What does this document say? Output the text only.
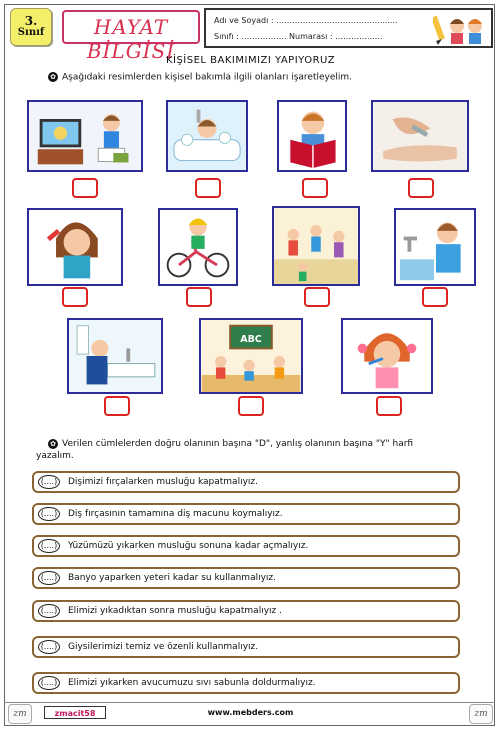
3.
Sınıf	HAYAT BİLGİSİ
Adı ve Soyadı : ………………………………..........
Sınıfı : …………….. Numarası : …………......
KİŞİSEL BAKIMIMIZI YAPIYORUZ
✿ Aşağıdaki resimlerden kişisel bakımla ilgili olanları işaretleyelim.
ABC
✿ Verilen cümlelerden doğru olanının başına "D", yanlış olanının başına "Y" harfi
yazalım.
(....)	Dişimizi fırçalarken musluğu kapatmalıyız.
(....)	Diş fırçasının tamamına diş macunu koymalıyız.
(....)	Yüzümüzü yıkarken musluğu sonuna kadar açmalıyız.
(....)	Banyo yaparken yeteri kadar su kullanmalıyız.
(....)	Elimizi yıkadıktan sonra musluğu kapatmalıyız .
(....)	Giysilerimizi temiz ve özenli kullanmalıyız.
(....)	Elimizi yıkarken avucumuzu sıvı sabunla doldurmalıyız.
zm	zmacit58	www.mebders.com	zm
